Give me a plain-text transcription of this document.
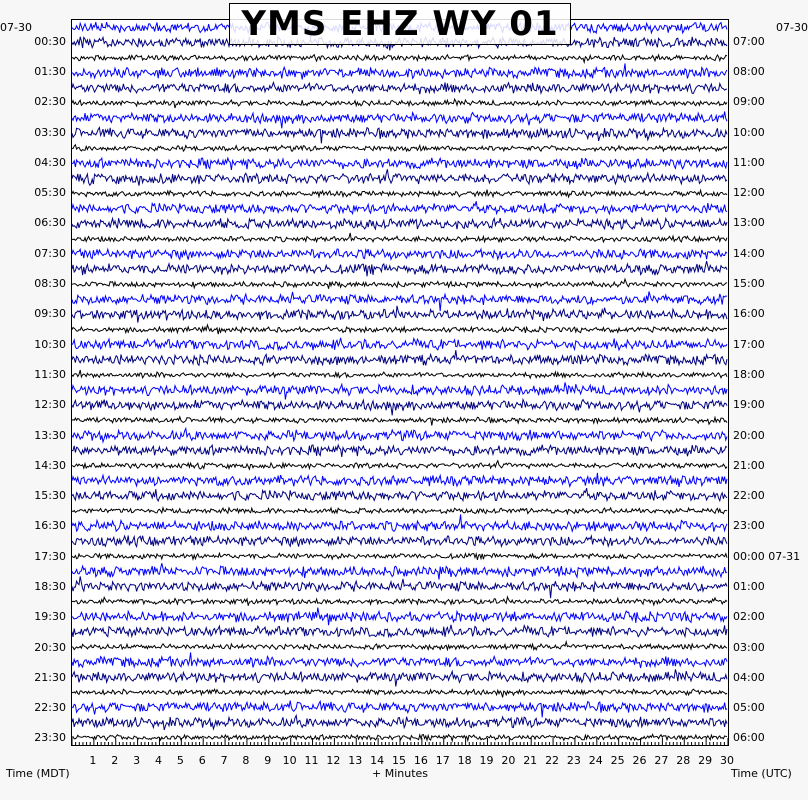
YMS EHZ WY 01
07-30	07-30
00:30
01:30
02:30
03:30
04:30
05:30
06:30
07:30
08:30
09:30
10:30
11:30
12:30
13:30
14:30
15:30
16:30
17:30
18:30
19:30
20:30
21:30
22:30
23:30
07:00
08:00
09:00
10:00
11:00
12:00
13:00
14:00
15:00
16:00
17:00
18:00
19:00
20:00
21:00
22:00
23:00
00:00 07-31
01:00
02:00
03:00
04:00
05:00
06:00
1 2 3 4 5 6 7 8 9 10 11 12 13 14 15 16 17 18 19 20 21 22 23 24 25 26 27 28 29 30
Time (MDT)	+ Minutes	Time (UTC)
